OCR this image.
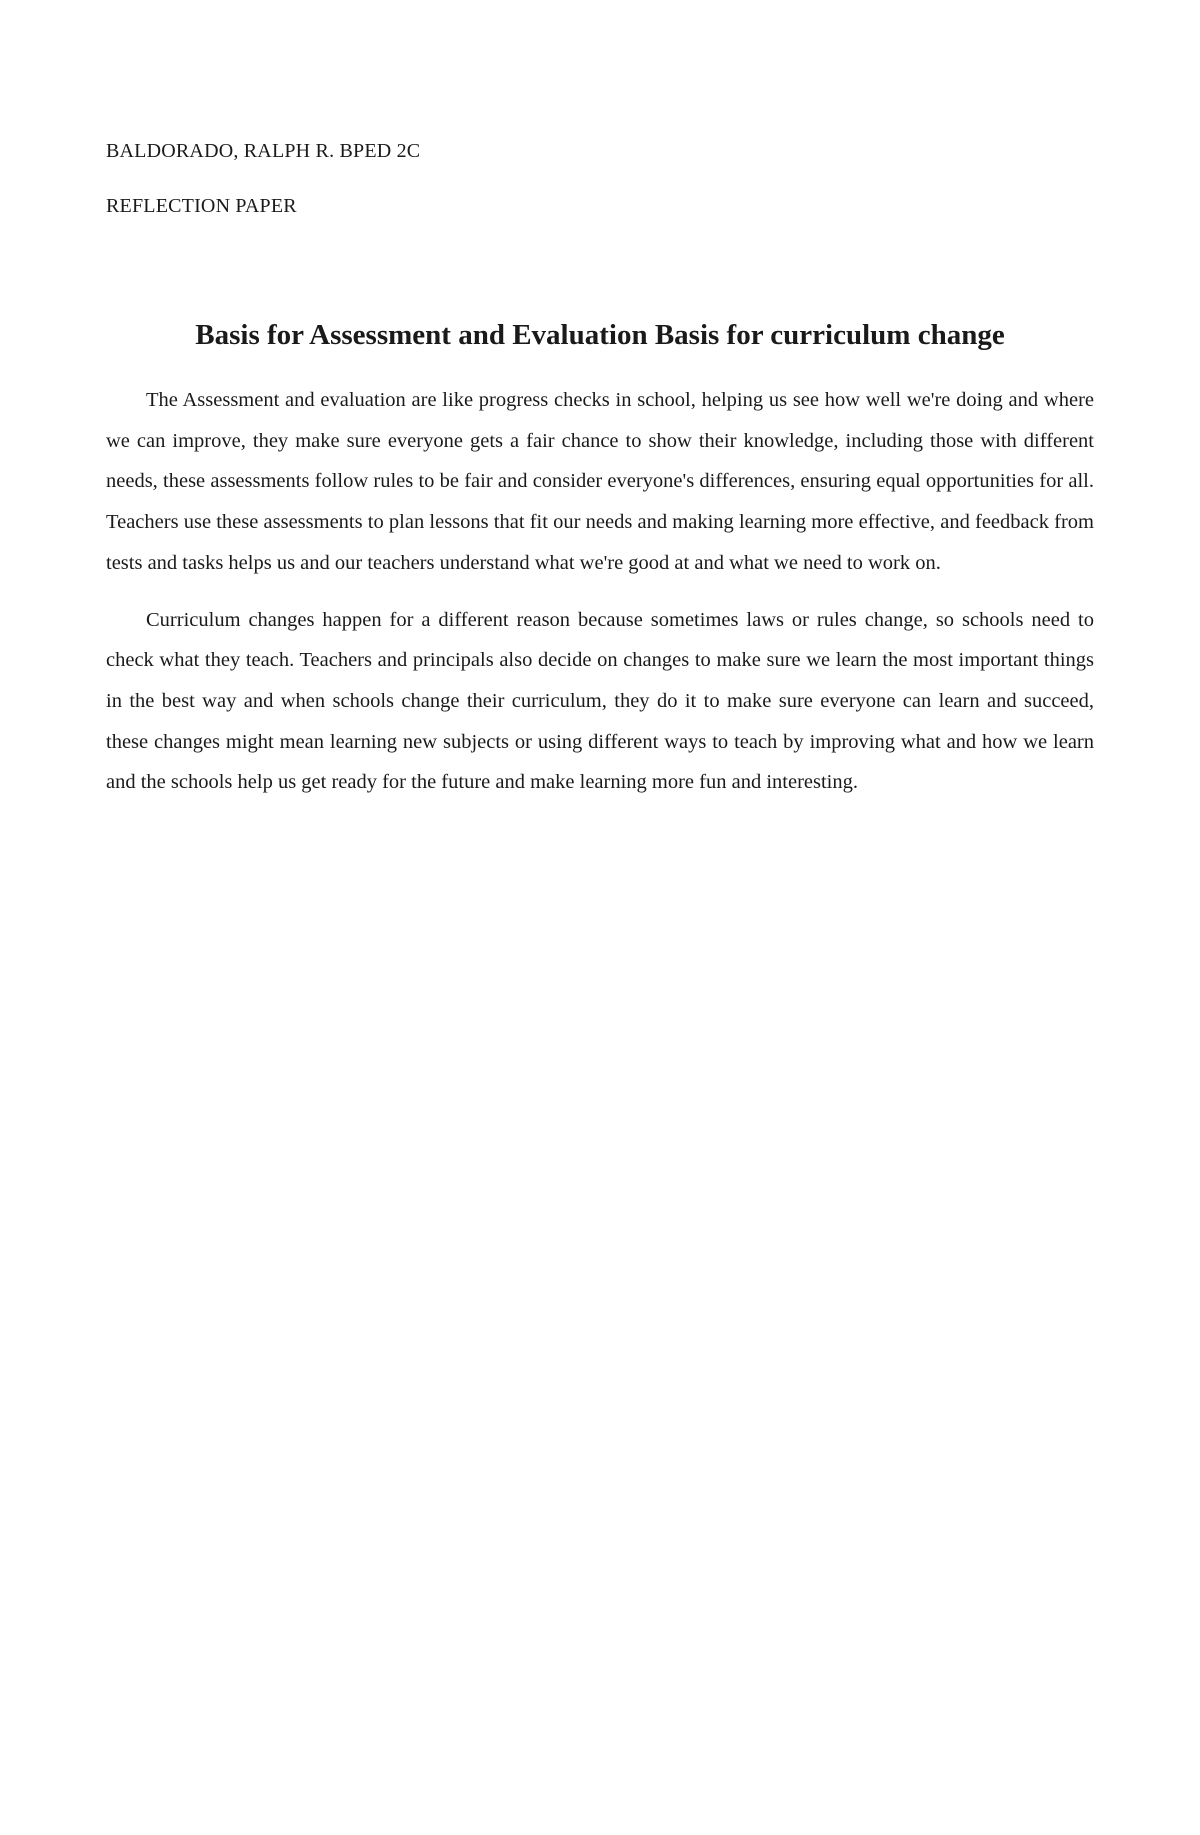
BALDORADO, RALPH R. BPED 2C

REFLECTION PAPER

Basis for Assessment and Evaluation Basis for curriculum change

The Assessment and evaluation are like progress checks in school, helping us see how well we're doing and where we can improve, they make sure everyone gets a fair chance to show their knowledge, including those with different needs, these assessments follow rules to be fair and consider everyone's differences, ensuring equal opportunities for all. Teachers use these assessments to plan lessons that fit our needs and making learning more effective, and feedback from tests and tasks helps us and our teachers understand what we're good at and what we need to work on.

Curriculum changes happen for a different reason because sometimes laws or rules change, so schools need to check what they teach. Teachers and principals also decide on changes to make sure we learn the most important things in the best way and when schools change their curriculum, they do it to make sure everyone can learn and succeed, these changes might mean learning new subjects or using different ways to teach by improving what and how we learn and the schools help us get ready for the future and make learning more fun and interesting.
